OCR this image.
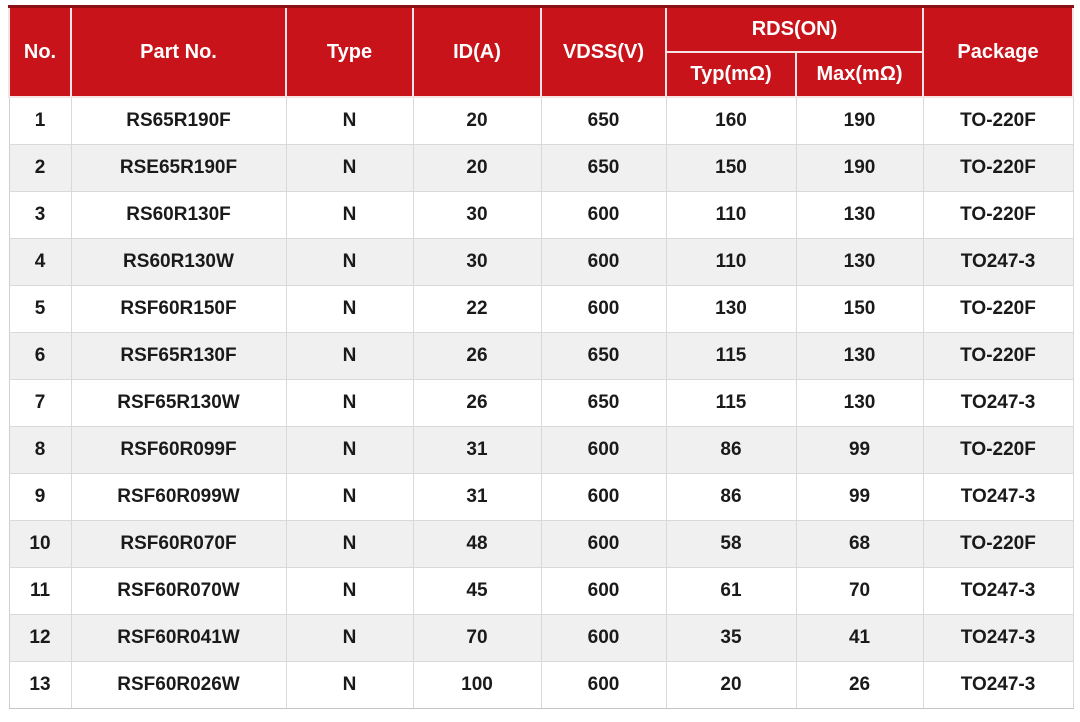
No.	Part No.	Type	ID(A)	VDSS(V)	RDS(ON)		Package
					Typ(mΩ)	Max(mΩ)	
1	RS65R190F	N	20	650	160	190	TO-220F
2	RSE65R190F	N	20	650	150	190	TO-220F
3	RS60R130F	N	30	600	110	130	TO-220F
4	RS60R130W	N	30	600	110	130	TO247-3
5	RSF60R150F	N	22	600	130	150	TO-220F
6	RSF65R130F	N	26	650	115	130	TO-220F
7	RSF65R130W	N	26	650	115	130	TO247-3
8	RSF60R099F	N	31	600	86	99	TO-220F
9	RSF60R099W	N	31	600	86	99	TO247-3
10	RSF60R070F	N	48	600	58	68	TO-220F
11	RSF60R070W	N	45	600	61	70	TO247-3
12	RSF60R041W	N	70	600	35	41	TO247-3
13	RSF60R026W	N	100	600	20	26	TO247-3
